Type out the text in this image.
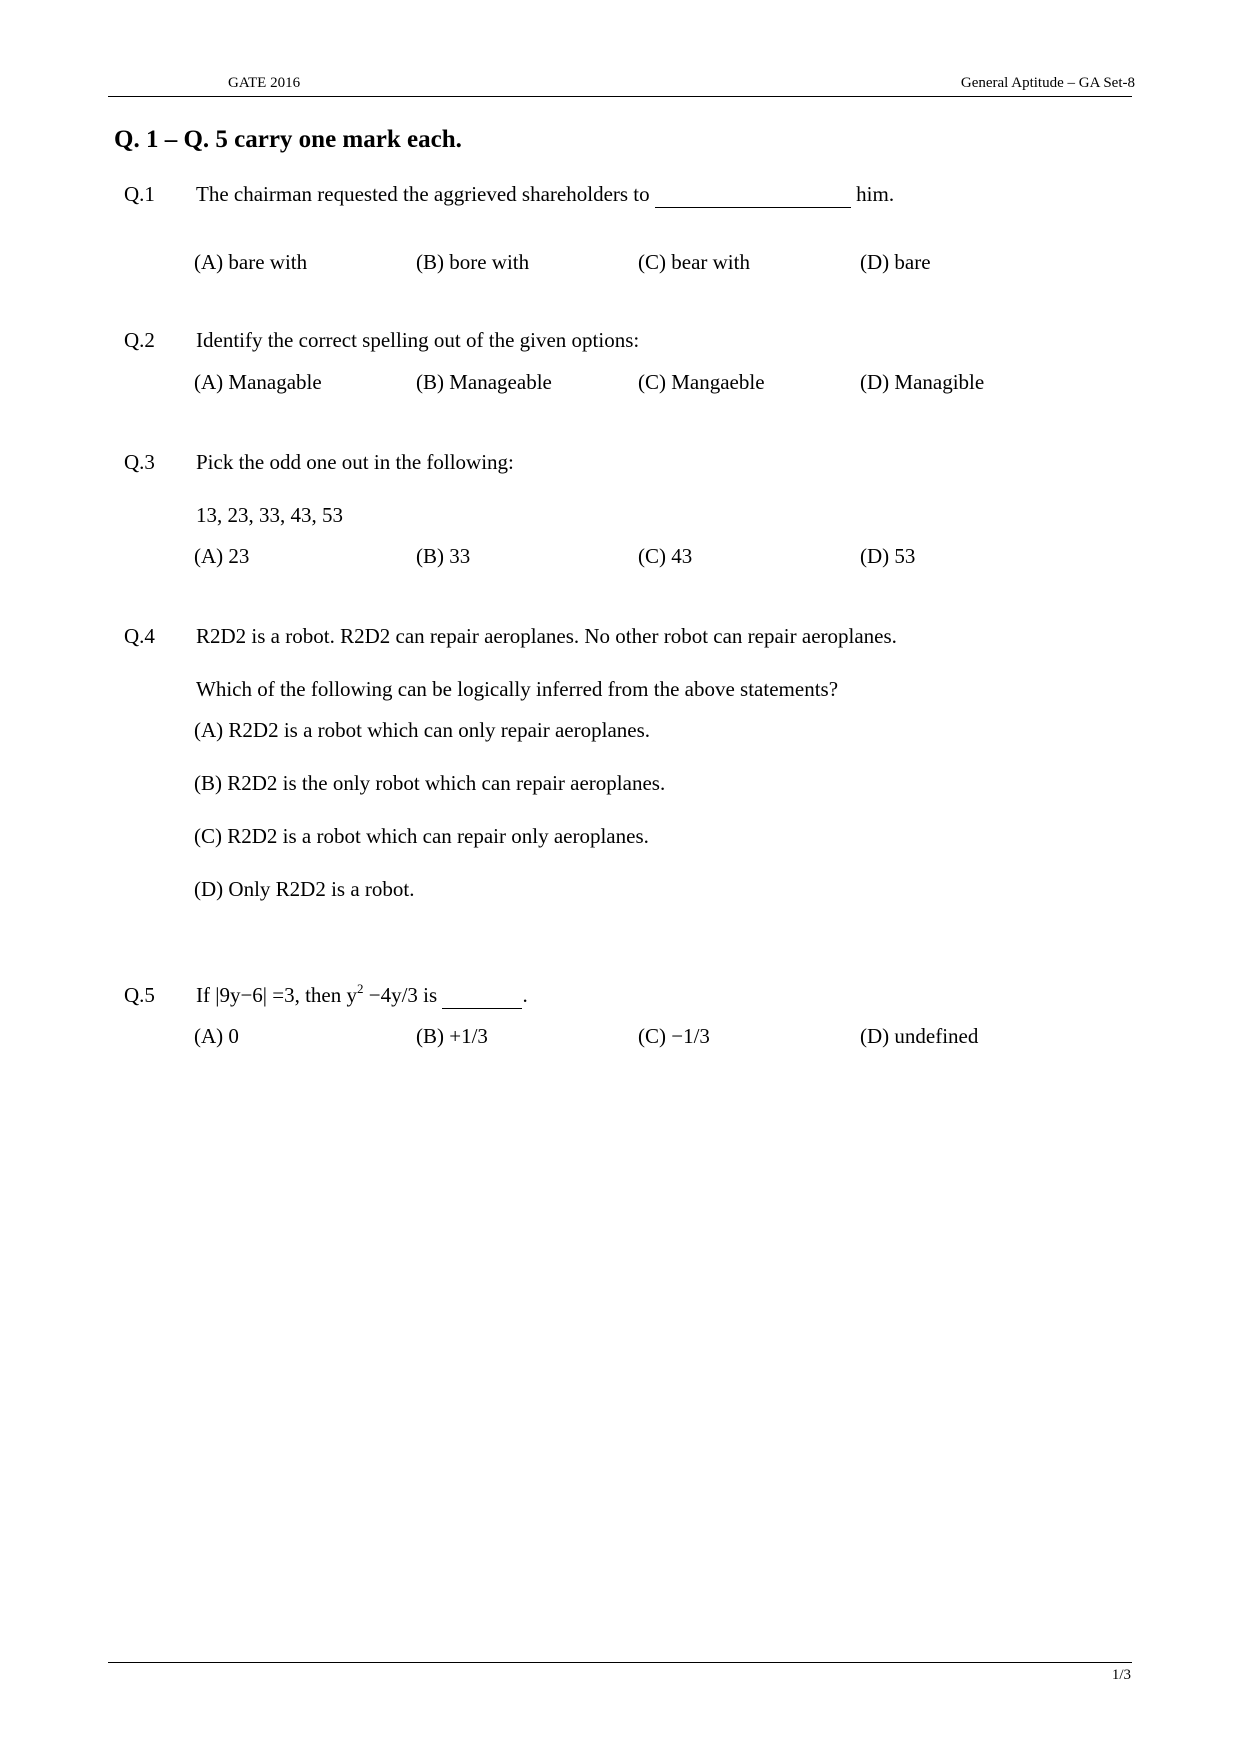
GATE 2016	General Aptitude – GA Set-8
Q. 1 – Q. 5 carry one mark each.
Q.1 The chairman requested the aggrieved shareholders to	him.
(A) bare with	(B) bore with	(C) bear with	(D) bare
Q.2 Identify the correct spelling out of the given options:
(A) Managable	(B) Manageable	(C) Mangaeble	(D) Managible
Q.3 Pick the odd one out in the following:
13, 23, 33, 43, 53
(A) 23	(B) 33	(C) 43	(D) 53
Q.4 R2D2 is a robot. R2D2 can repair aeroplanes. No other robot can repair aeroplanes.
Which of the following can be logically inferred from the above statements?
(A) R2D2 is a robot which can only repair aeroplanes.
(B) R2D2 is the only robot which can repair aeroplanes.
(C) R2D2 is a robot which can repair only aeroplanes.
(D) Only R2D2 is a robot.
Q.5 If |9y−6| =3, then $y^2 -4y/3$ is	.
(A) 0	(B) +1/3	(C) −1/3	(D) undefined
1/3
